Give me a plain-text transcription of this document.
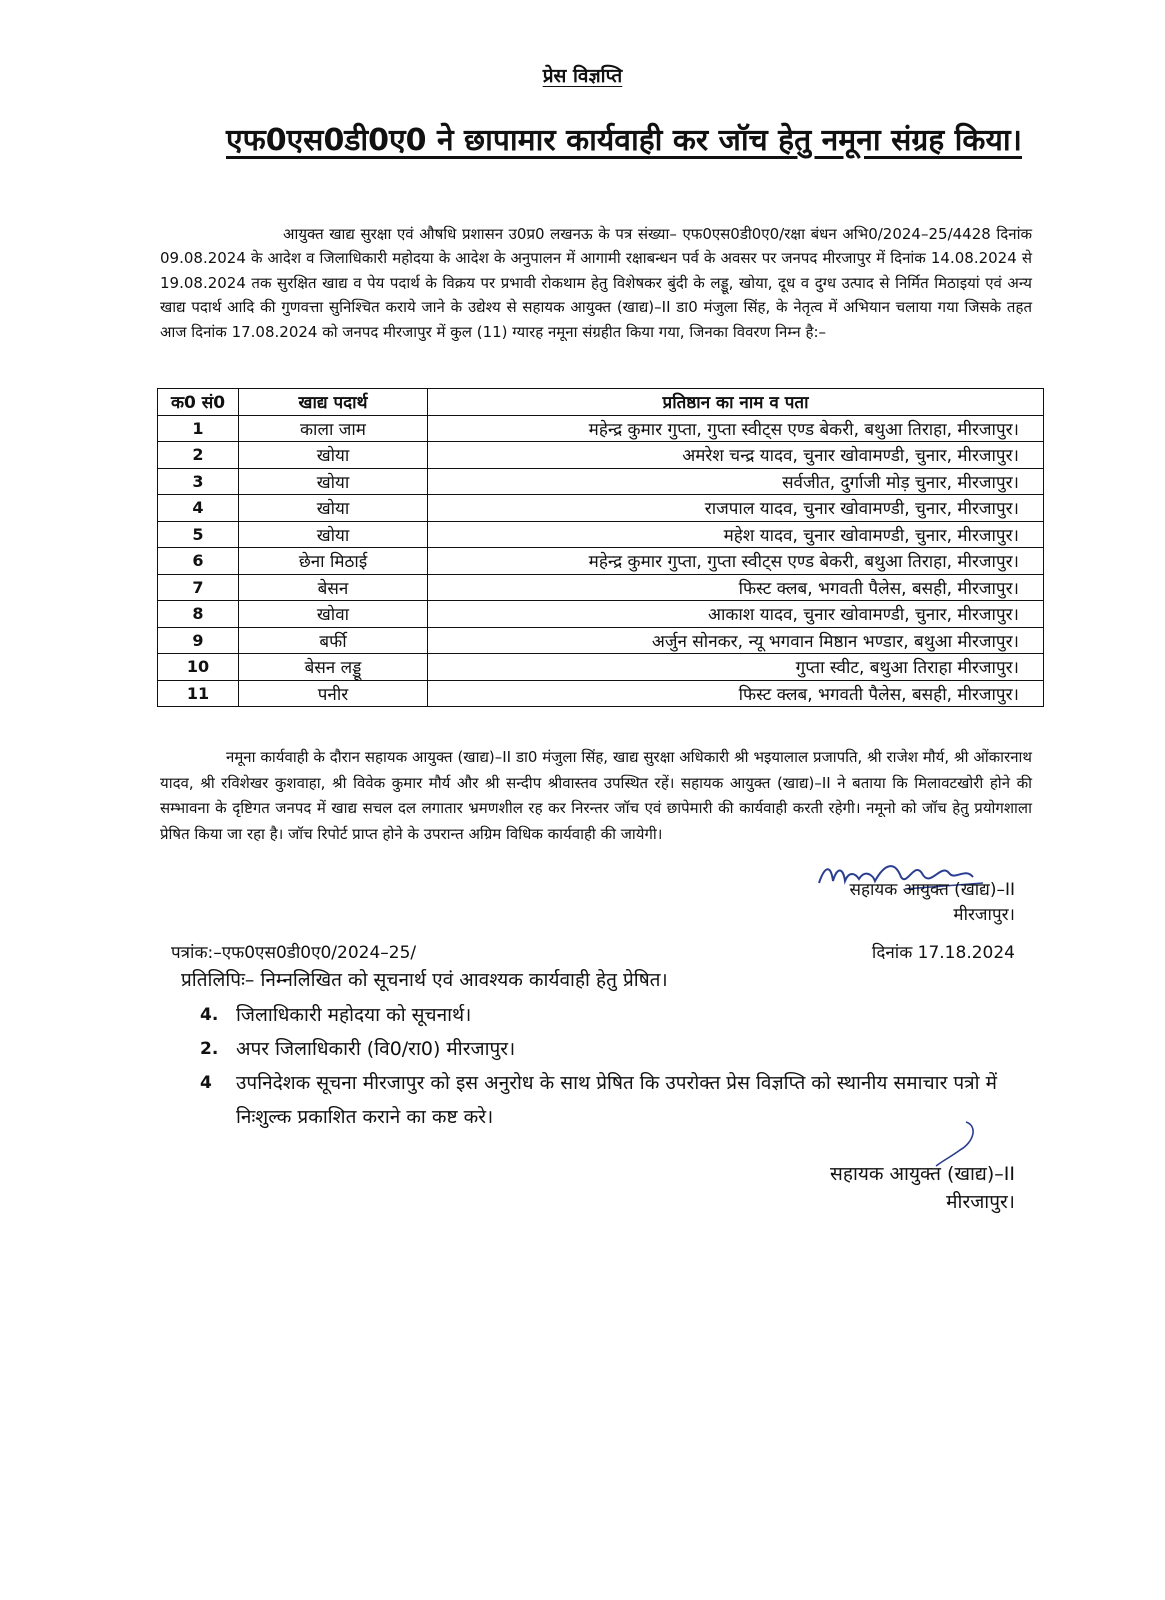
प्रेस विज्ञप्ति
एफ0एस0डी0ए0 ने छापामार कार्यवाही कर जॉच हेतु नमूना संग्रह किया।

आयुक्त खाद्य सुरक्षा एवं औषधि प्रशासन उ0प्र0 लखनऊ के पत्र संख्या– एफ0एस0डी0ए0/रक्षा बंधन अभि0/2024–25/4428 दिनांक 09.08.2024 के आदेश व जिलाधिकारी महोदया के आदेश के अनुपालन में आगामी रक्षाबन्धन पर्व के अवसर पर जनपद मीरजापुर में दिनांक 14.08.2024 से 19.08.2024 तक सुरक्षित खाद्य व पेय पदार्थ के विक्रय पर प्रभावी रोकथाम हेतु विशेषकर बुंदी के लड्डू, खोया, दूध व दुग्ध उत्पाद से निर्मित मिठाइयां एवं अन्य खाद्य पदार्थ आदि की गुणवत्ता सुनिश्चित कराये जाने के उद्येश्य से सहायक आयुक्त (खाद्य)–II डा0 मंजुला सिंह, के नेतृत्व में अभियान चलाया गया जिसके तहत आज दिनांक 17.08.2024 को जनपद मीरजापुर में कुल (11) ग्यारह नमूना संग्रहीत किया गया, जिनका विवरण निम्न है:–

क0 सं0	खाद्य पदार्थ	प्रतिष्ठान का नाम व पता
1	काला जाम	महेन्द्र कुमार गुप्ता, गुप्ता स्वीट्स एण्ड बेकरी, बथुआ तिराहा, मीरजापुर।
2	खोया	अमरेश चन्द्र यादव, चुनार खोवामण्डी, चुनार, मीरजापुर।
3	खोया	सर्वजीत, दुर्गाजी मोड़ चुनार, मीरजापुर।
4	खोया	राजपाल यादव, चुनार खोवामण्डी, चुनार, मीरजापुर।
5	खोया	महेश यादव, चुनार खोवामण्डी, चुनार, मीरजापुर।
6	छेना मिठाई	महेन्द्र कुमार गुप्ता, गुप्ता स्वीट्स एण्ड बेकरी, बथुआ तिराहा, मीरजापुर।
7	बेसन	फिस्ट क्लब, भगवती पैलेस, बसही, मीरजापुर।
8	खोवा	आकाश यादव, चुनार खोवामण्डी, चुनार, मीरजापुर।
9	बर्फी	अर्जुन सोनकर, न्यू भगवान मिष्ठान भण्डार, बथुआ मीरजापुर।
10	बेसन लड्डू	गुप्ता स्वीट, बथुआ तिराहा मीरजापुर।
11	पनीर	फिस्ट क्लब, भगवती पैलेस, बसही, मीरजापुर।

नमूना कार्यवाही के दौरान सहायक आयुक्त (खाद्य)–II डा0 मंजुला सिंह, खाद्य सुरक्षा अधिकारी श्री भइयालाल प्रजापति, श्री राजेश मौर्य, श्री ओंकारनाथ यादव, श्री रविशेखर कुशवाहा, श्री विवेक कुमार मौर्य और श्री सन्दीप श्रीवास्तव उपस्थित रहें। सहायक आयुक्त (खाद्य)–II ने बताया कि मिलावटखोरी होने की सम्भावना के दृष्टिगत जनपद में खाद्य सचल दल लगातार भ्रमणशील रह कर निरन्तर जॉच एवं छापेमारी की कार्यवाही करती रहेगी। नमूनो को जॉच हेतु प्रयोगशाला प्रेषित किया जा रहा है। जॉच रिपोर्ट प्राप्त होने के उपरान्त अग्रिम विधिक कार्यवाही की जायेगी।

सहायक आयुक्त (खाद्य)–II
मीरजापुर।
पत्रांक:–एफ0एस0डी0ए0/2024–25/	दिनांक 17.18.2024
प्रतिलिपिः– निम्नलिखित को सूचनार्थ एवं आवश्यक कार्यवाही हेतु प्रेषित।
4. जिलाधिकारी महोदया को सूचनार्थ।
2. अपर जिलाधिकारी (वि0/रा0) मीरजापुर।
4 उपनिदेशक सूचना मीरजापुर को इस अनुरोध के साथ प्रेषित कि उपरोक्त प्रेस विज्ञप्ति को स्थानीय समाचार पत्रो में निःशुल्क प्रकाशित कराने का कष्ट करे।
सहायक आयुक्त (खाद्य)–II
मीरजापुर।
